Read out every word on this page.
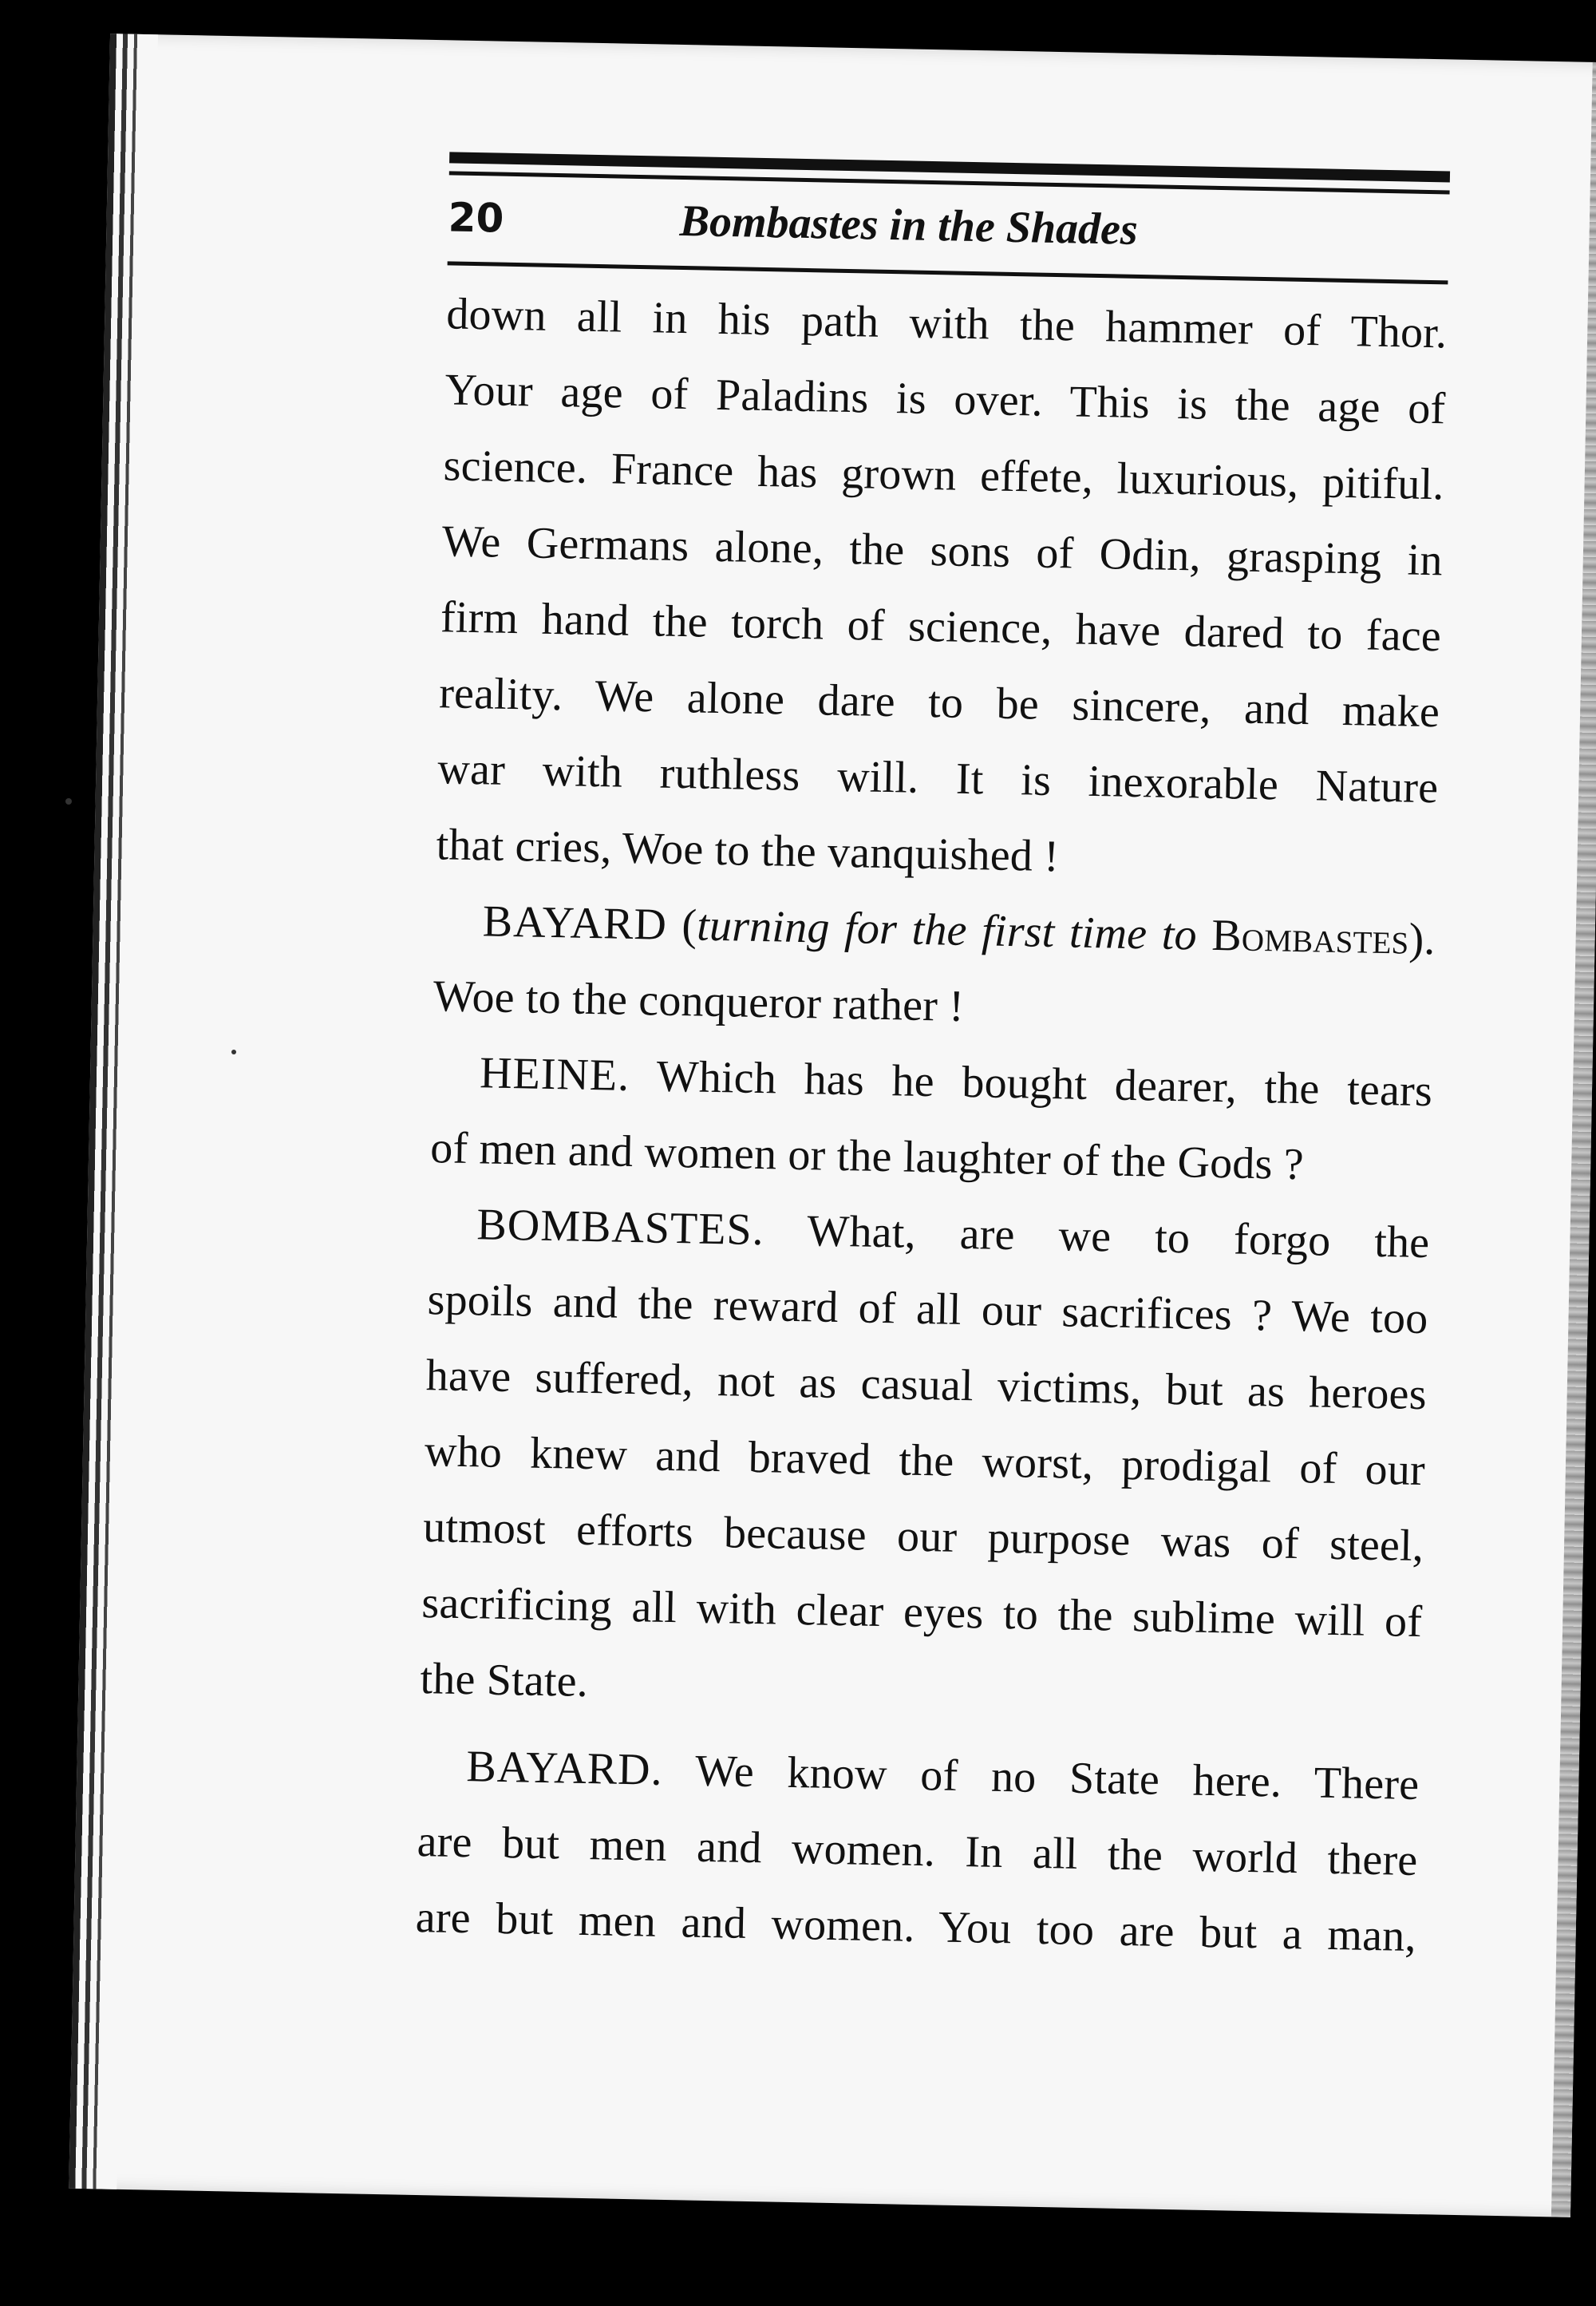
20	Bombastes in the Shades
down all in his path with the hammer of Thor.
Your age of Paladins is over. This is the age of
science. France has grown effete, luxurious, pitiful.
We Germans alone, the sons of Odin, grasping in
firm hand the torch of science, have dared to face
reality. We alone dare to be sincere, and make
war with ruthless will. It is inexorable Nature
that cries, Woe to the vanquished !
BAYARD (turning for the first time to Bombastes).
Woe to the conqueror rather !
HEINE. Which has he bought dearer, the tears
of men and women or the laughter of the Gods ?
BOMBASTES. What, are we to forgo the
spoils and the reward of all our sacrifices ? We too
have suffered, not as casual victims, but as heroes
who knew and braved the worst, prodigal of our
utmost efforts because our purpose was of steel,
sacrificing all with clear eyes to the sublime will of
the State.
BAYARD. We know of no State here. There
are but men and women. In all the world there
are but men and women. You too are but a man,
